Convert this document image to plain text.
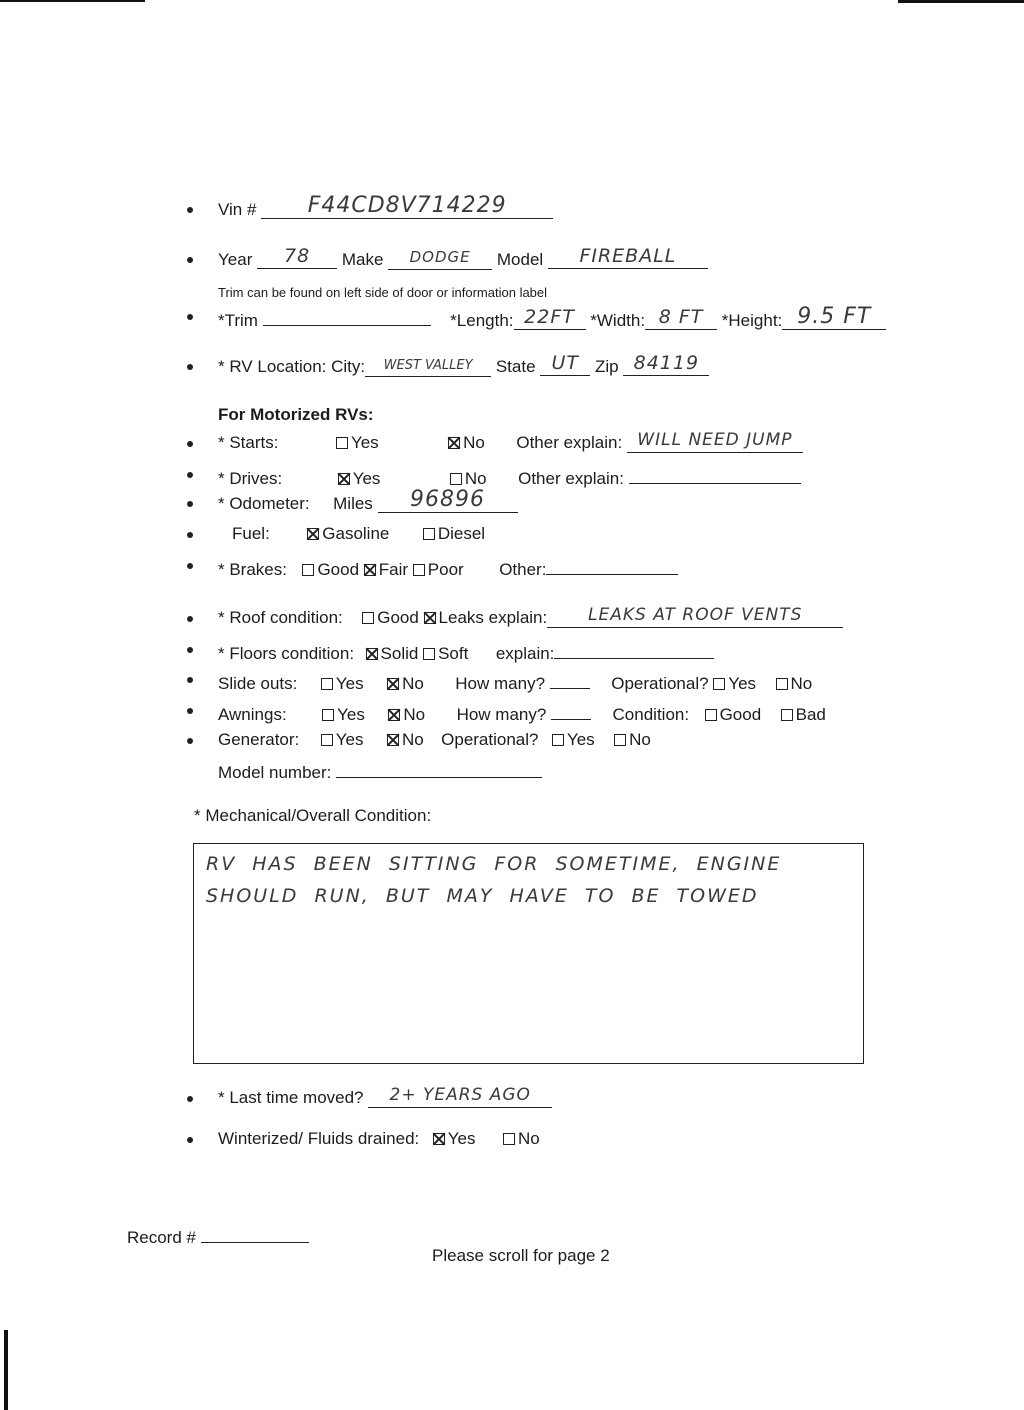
Vin # F44CD8V714229
Year 78 Make DODGE Model FIREBALL
Trim can be found on left side of door or information label
*Trim	*Length: 22FT *Width: 8 FT *Height: 9.5 FT
* RV Location: City: WEST VALLEY State UT Zip 84119
For Motorized RVs:
* Starts:	Yes	No Other explain: WILL NEED JUMP
* Drives:	Yes	No Other explain:
* Odometer: Miles 96896
Fuel:	Gasoline	Diesel
* Brakes: Good Fair Poor Other:
* Roof condition: Good Leaks explain: LEAKS AT ROOF VENTS
* Floors condition: Solid Soft explain:
Slide outs: Yes No How many?	Operational? Yes No
Awnings:	Yes No How many?	Condition: Good Bad
Generator: Yes No Operational? Yes No
Model number:
* Mechanical/Overall Condition:
RV HAS BEEN SITTING FOR SOMETIME, ENGINE SHOULD RUN, BUT MAY HAVE TO BE TOWED
* Last time moved? 2+ YEARS AGO
Winterized/ Fluids drained: Yes No
Record #
Please scroll for page 2
